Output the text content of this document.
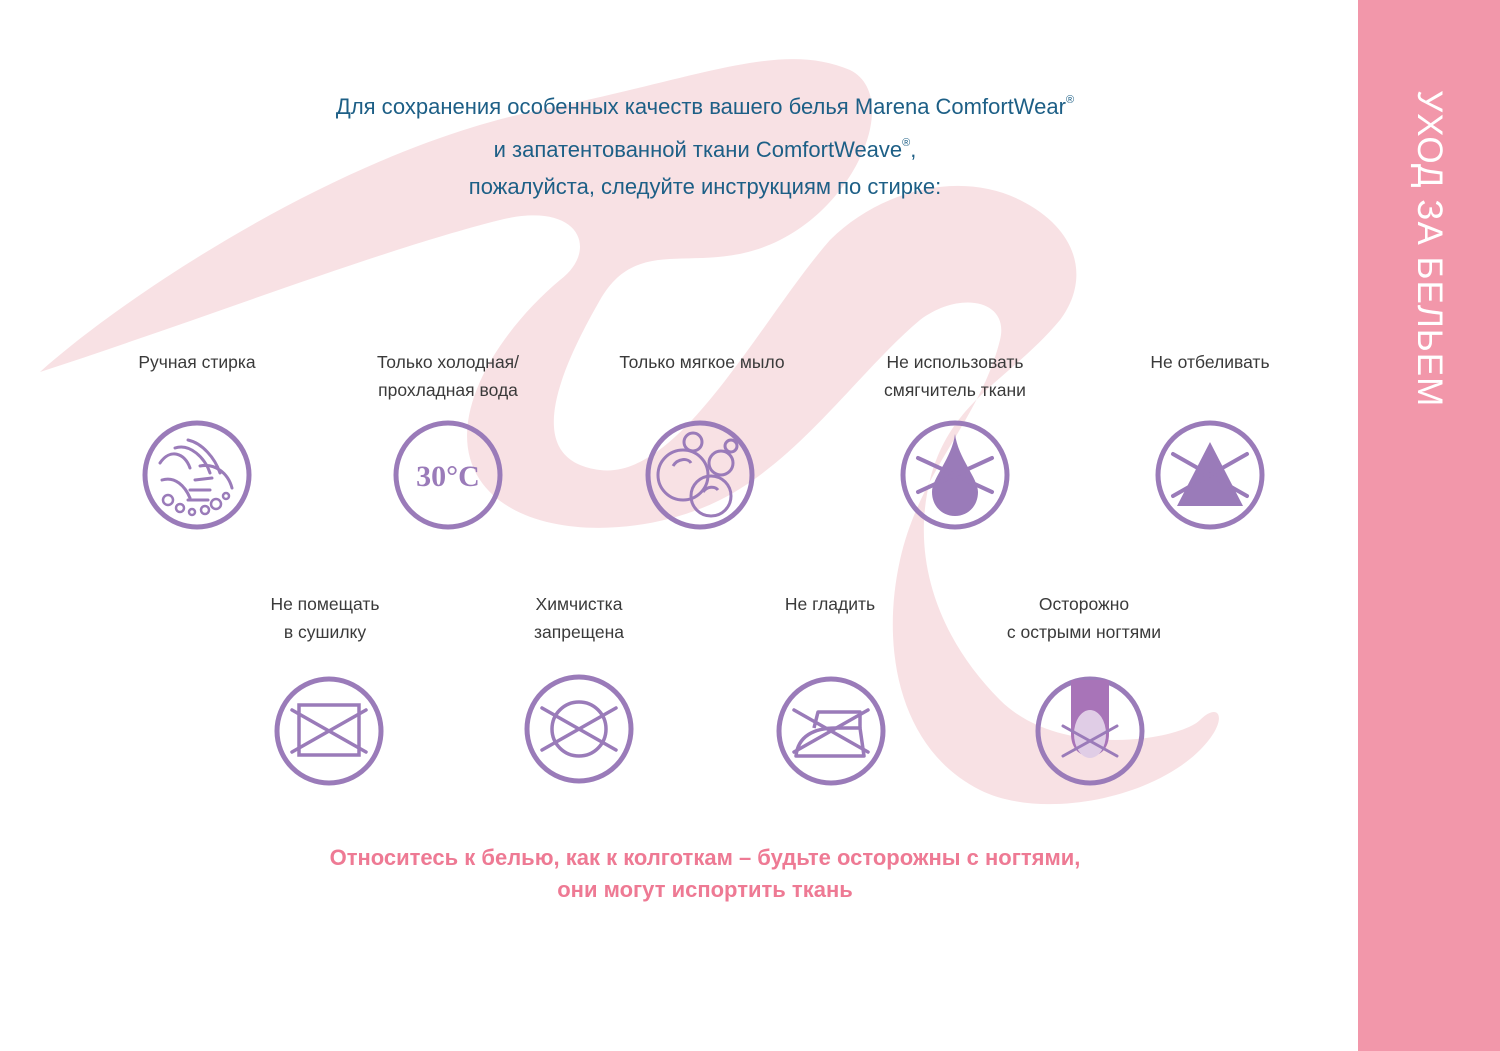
УХОД ЗА БЕЛЬЕМ
Для сохранения особенных качеств вашего белья Marena ComfortWear®
и запатентованной ткани ComfortWeave®,
пожалуйста, следуйте инструкциям по стирке:
Ручная стирка	Только холодная/
прохладная вода
30°C
Только мягкое мыло	Не использовать
смягчитель ткани
Не отбеливать
Не помещать
в сушилку
Химчистка
запрещена
Не гладить	Осторожно
с острыми ногтями
Относитесь к белью, как к колготкам – будьте осторожны с ногтями,
они могут испортить ткань
